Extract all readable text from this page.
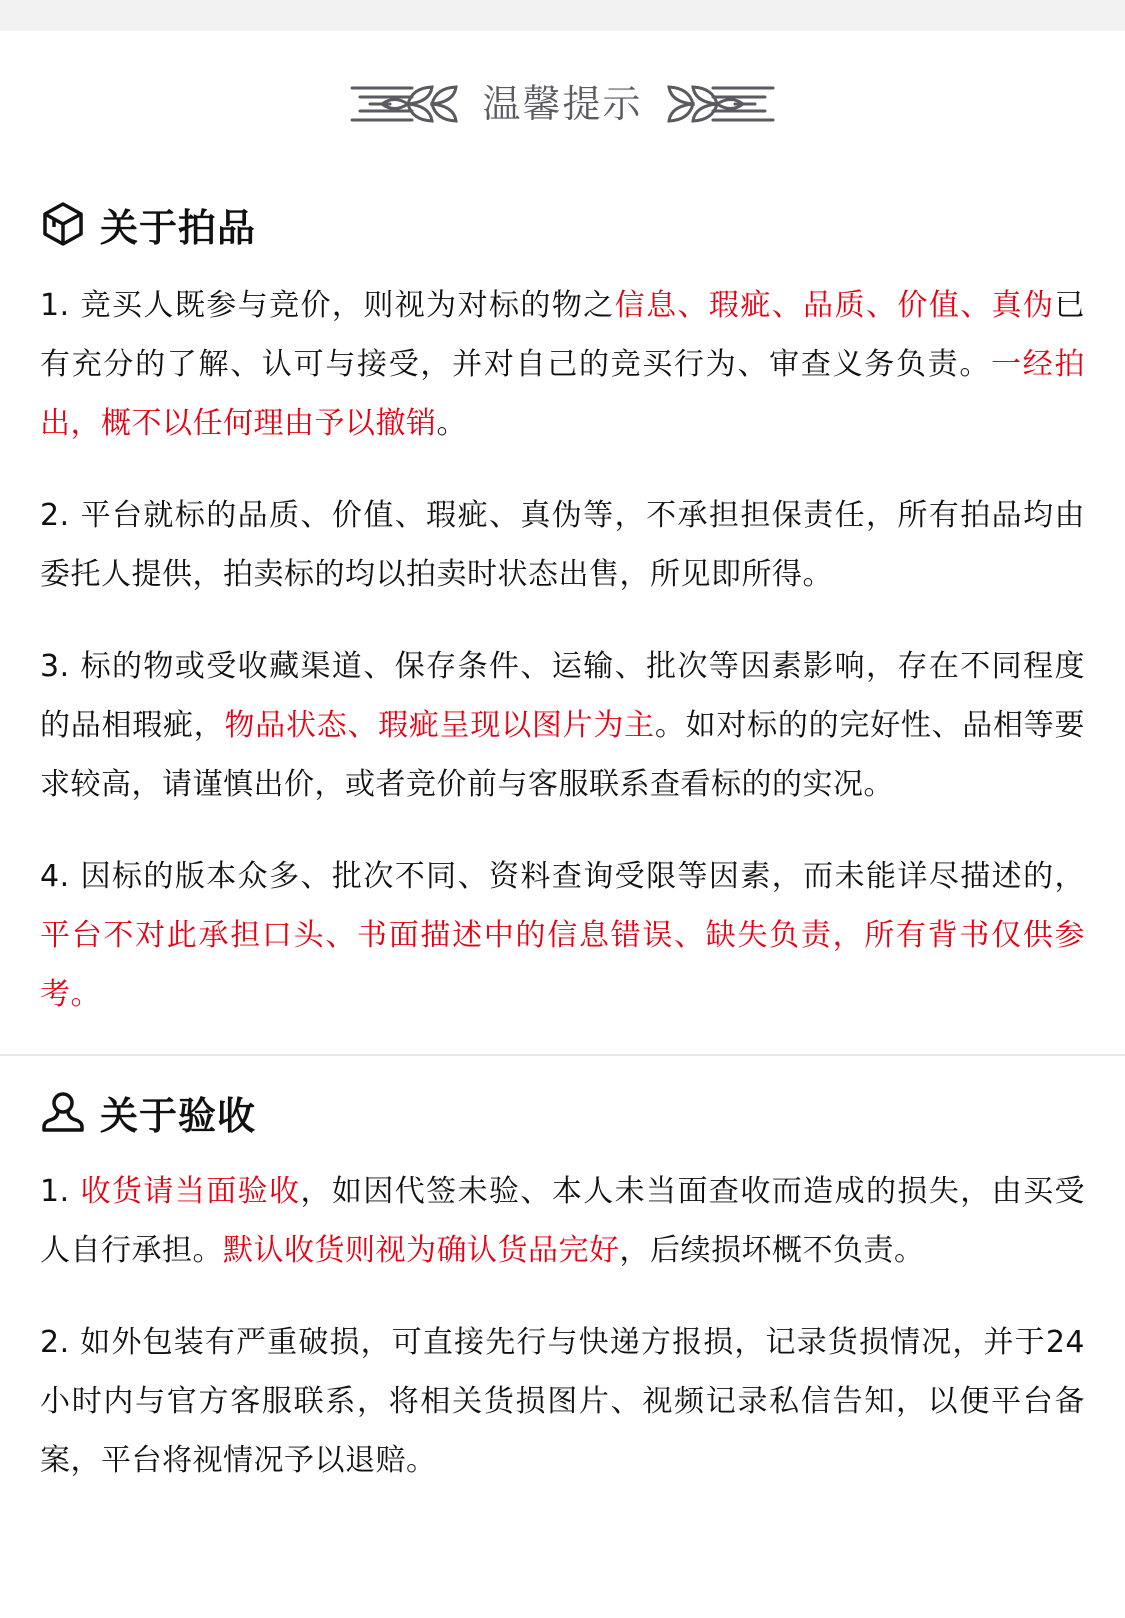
温馨提示
关于拍品

1. 竞买人既参与竞价，则视为对标的物之信息、瑕疵、品质、价值、真伪已有充分的了解、认可与接受，并对自己的竞买行为、审查义务负责。一经拍出，概不以任何理由予以撤销。

2. 平台就标的品质、价值、瑕疵、真伪等，不承担担保责任，所有拍品均由委托人提供，拍卖标的均以拍卖时状态出售，所见即所得。

3. 标的物或受收藏渠道、保存条件、运输、批次等因素影响，存在不同程度的品相瑕疵，物品状态、瑕疵呈现以图片为主。如对标的的完好性、品相等要求较高，请谨慎出价，或者竞价前与客服联系查看标的的实况。

4. 因标的版本众多、批次不同、资料查询受限等因素，而未能详尽描述的，平台不对此承担口头、书面描述中的信息错误、缺失负责，所有背书仅供参考。

关于验收

1. 收货请当面验收，如因代签未验、本人未当面查收而造成的损失，由买受人自行承担。默认收货则视为确认货品完好，后续损坏概不负责。

2. 如外包装有严重破损，可直接先行与快递方报损，记录货损情况，并于24小时内与官方客服联系，将相关货损图片、视频记录私信告知，以便平台备案，平台将视情况予以退赔。
